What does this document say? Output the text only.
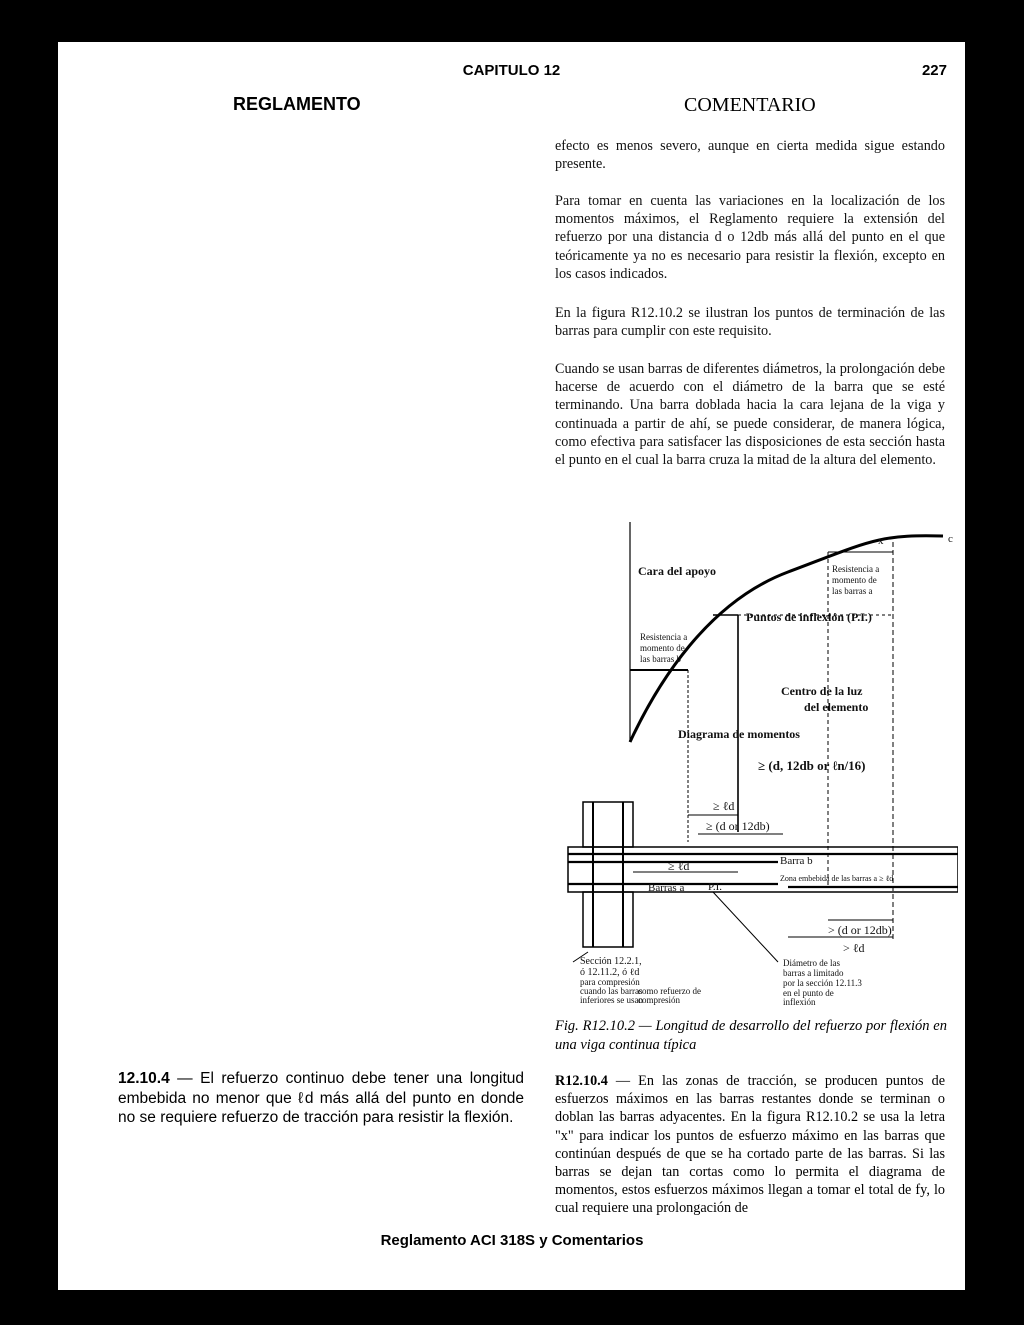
CAPITULO 12	227
REGLAMENTO	COMENTARIO
efecto es menos severo, aunque en cierta medida sigue estando presente.
Para tomar en cuenta las variaciones en la localización de los momentos máximos, el Reglamento requiere la extensión del refuerzo por una distancia d o 12db más allá del punto en el que teóricamente ya no es necesario para resistir la flexión, excepto en los casos indicados.
En la figura R12.10.2 se ilustran los puntos de terminación de las barras para cumplir con este requisito.
Cuando se usan barras de diferentes diámetros, la prolongación debe hacerse de acuerdo con el diámetro de la barra que se esté terminando. Una barra doblada hacia la cara lejana de la viga y continuada a partir de ahí, se puede considerar, de manera lógica, como efectiva para satisfacer las disposiciones de esta sección hasta el punto en el cual la barra cruza la mitad de la altura del elemento.
Cara del apoyo	Resistencia a
momento de
las barras a
Resistencia a
momento de
las barras b
Puntos de inflexión (P.I.)
Centro de la luz
del elemento
Diagrama de momentos
≥ (d, 12db or ℓn/16)
≥ ℓd
≥ (d or 12db)
Barra b
≥ ℓd
Zona embebida de las barras a ≥ ℓd
Barras a P.I.
> (d or 12db)
> ℓd
Sección 12.2.1,
ó 12.11.2, ó ℓd
para compresión
cuando las barras
inferiores se usan
como refuerzo de
compresión
Diámetro de las
barras a limitado
por la sección 12.11.3
en el punto de
inflexión
x	c
Fig. R12.10.2 — Longitud de desarrollo del refuerzo por flexión en una viga continua típica
R12.10.4 — En las zonas de tracción, se producen puntos de esfuerzos máximos en las barras restantes donde se terminan o doblan las barras adyacentes. En la figura R12.10.2 se usa la letra "x" para indicar los puntos de esfuerzo máximo en las barras que continúan después de que se ha cortado parte de las barras. Si las barras se dejan tan cortas como lo permita el diagrama de momentos, estos esfuerzos máximos llegan a tomar el total de fy, lo cual requiere una prolongación de
12.10.4 — El refuerzo continuo debe tener una longitud embebida no menor que ℓd más allá del punto en donde no se requiere refuerzo de tracción para resistir la flexión.
Reglamento ACI 318S y Comentarios
